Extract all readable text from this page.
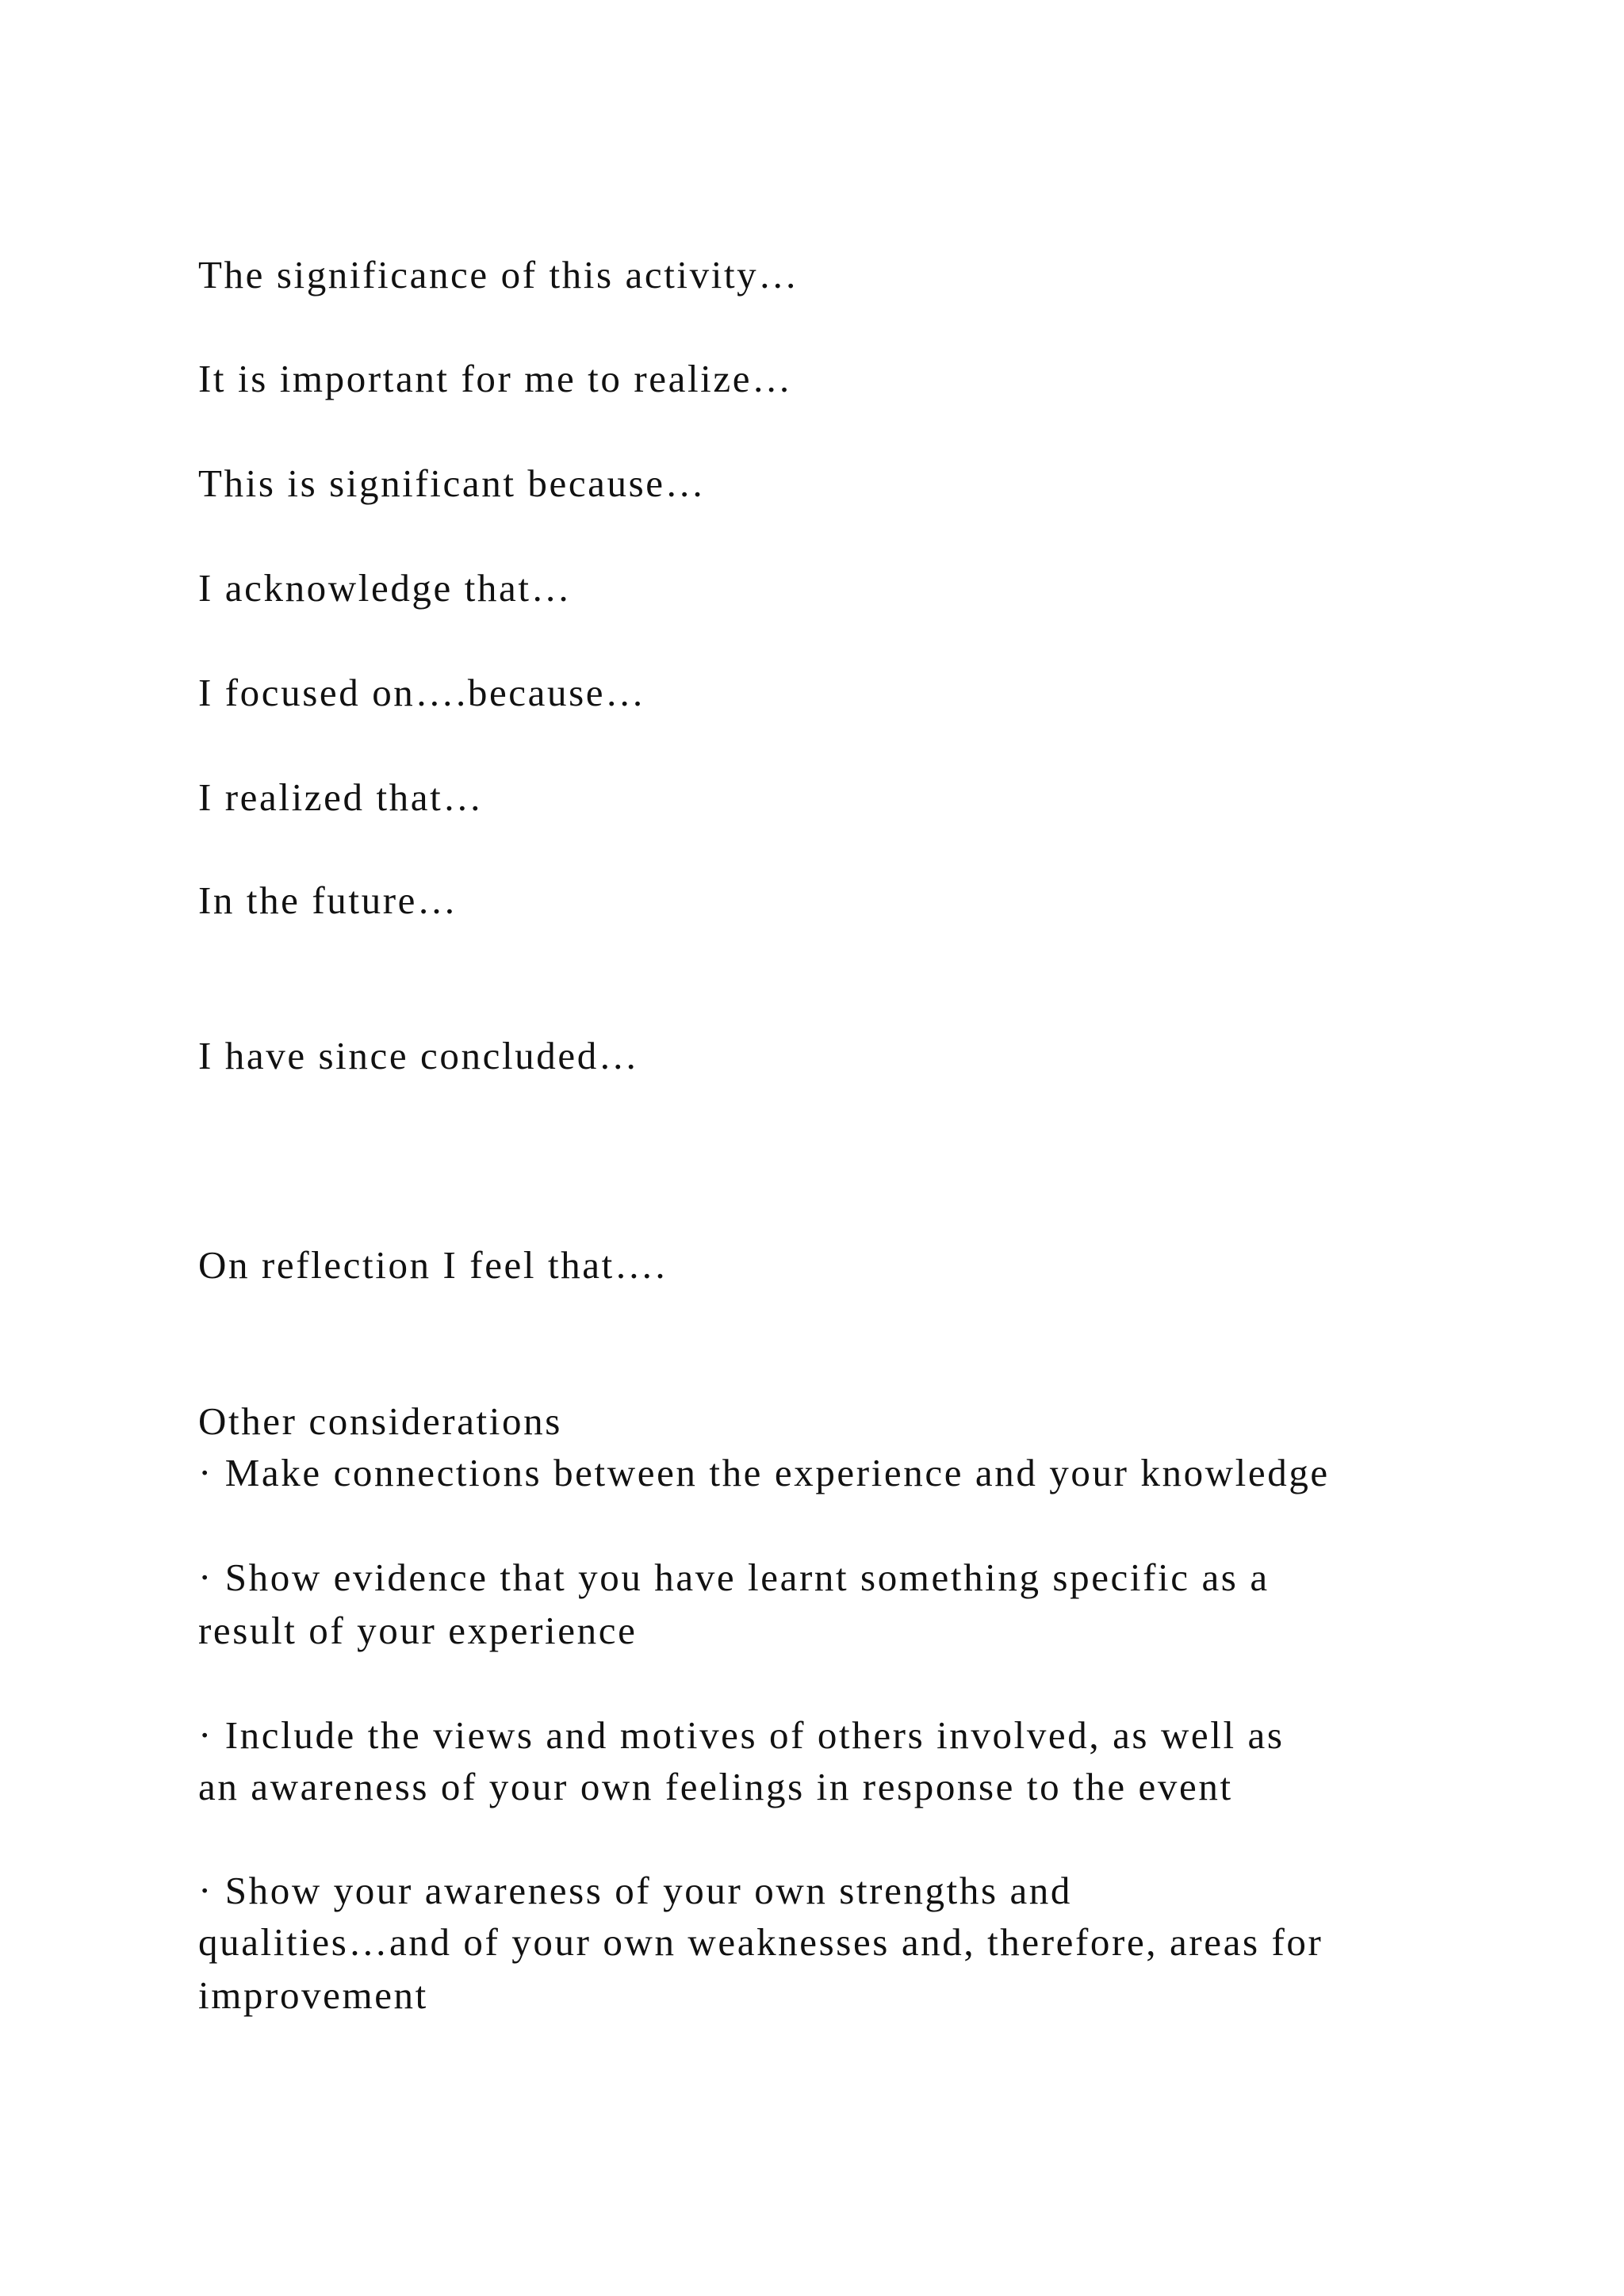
The significance of this activity…
It is important for me to realize…
This is significant because…
I acknowledge that…
I focused on….because…
I realized that…
In the future…
I have since concluded…
On reflection I feel that….
Other considerations
· Make connections between the experience and your knowledge
· Show evidence that you have learnt something specific as a
result of your experience
· Include the views and motives of others involved, as well as
an awareness of your own feelings in response to the event
· Show your awareness of your own strengths and
qualities…and of your own weaknesses and, therefore, areas for
improvement
